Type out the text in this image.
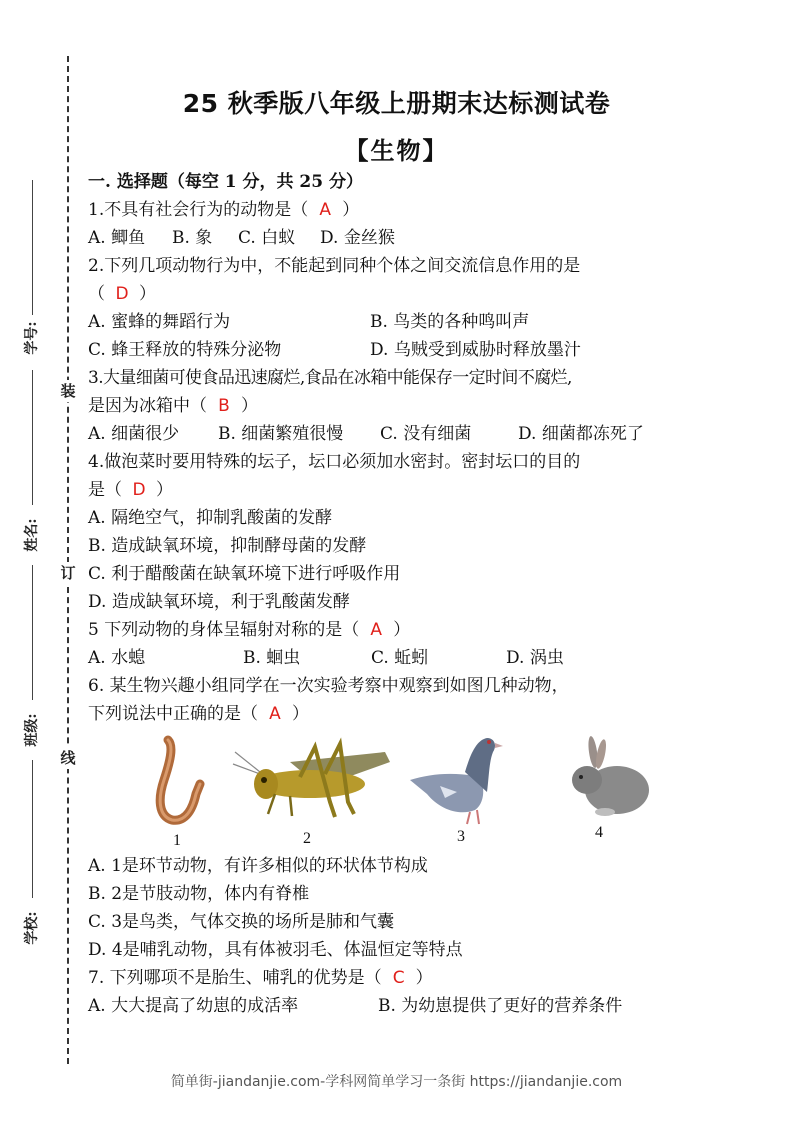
装
订
线
学号:
姓名:
班级:
学校:
25 秋季版八年级上册期末达标测试卷
【生物】
一. 选择题（每空 1 分，共 25 分）
1.不具有社会行为的动物是（ A ）
A. 鲫鱼 B. 象 C. 白蚁 D. 金丝猴
2.下列几项动物行为中，不能起到同种个体之间交流信息作用的是
（ D ）
A. 蜜蜂的舞蹈行为	B. 鸟类的各种鸣叫声
C. 蜂王释放的特殊分泌物	D. 乌贼受到威胁时释放墨汁
3.大量细菌可使食品迅速腐烂,食品在冰箱中能保存一定时间不腐烂,
是因为冰箱中（ B ）
A. 细菌很少 B. 细菌繁殖很慢 C. 没有细菌	D. 细菌都冻死了
4.做泡菜时要用特殊的坛子，坛口必须加水密封。密封坛口的目的
是（ D ）
A. 隔绝空气，抑制乳酸菌的发酵
B. 造成缺氧环境，抑制酵母菌的发酵
C. 利于醋酸菌在缺氧环境下进行呼吸作用
D. 造成缺氧环境，利于乳酸菌发酵
5 下列动物的身体呈辐射对称的是（ A ）
A. 水螅	B. 蛔虫	C. 蚯蚓	D. 涡虫
6. 某生物兴趣小组同学在一次实验考察中观察到如图几种动物，
下列说法中正确的是（ A ）
1	2	3	4
A. 1是环节动物，有许多相似的环状体节构成
B. 2是节肢动物，体内有脊椎
C. 3是鸟类，气体交换的场所是肺和气囊
D. 4是哺乳动物，具有体被羽毛、体温恒定等特点
7. 下列哪项不是胎生、哺乳的优势是（ C ）
A. 大大提高了幼崽的成活率	B. 为幼崽提供了更好的营养条件
简单街-jiandanjie.com-学科网简单学习一条街 https://jiandanjie.com
